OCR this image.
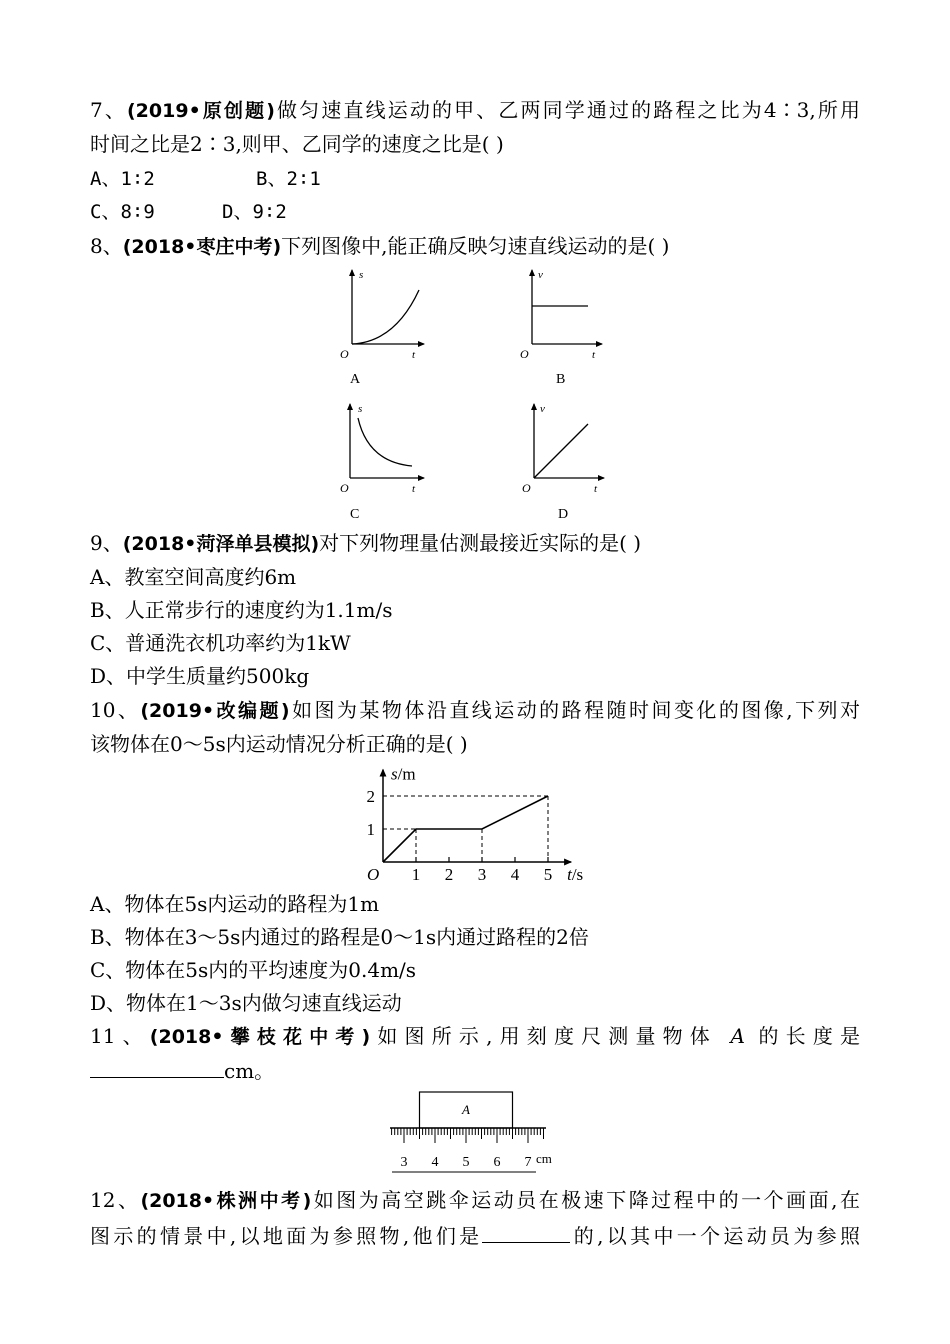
7、(2019•原创题)做匀速直线运动的甲、乙两同学通过的路程之比为4∶3,所用
时间之比是2∶3,则甲、乙同学的速度之比是( )
A、1∶2	B、2∶1
C、8∶9	D、9∶2
8、(2018•枣庄中考)下列图像中,能正确反映匀速直线运动的是( )
s
t
O
A
v
t
O
B
s
t
O
C
v
t
O
D
9、(2018•菏泽单县模拟)对下列物理量估测最接近实际的是( )
A、教室空间高度约6m
B、人正常步行的速度约为1.1m/s
C、普通洗衣机功率约为1kW
D、中学生质量约500kg
10、(2019•改编题)如图为某物体沿直线运动的路程随时间变化的图像,下列对
该物体在0～5s内运动情况分析正确的是( )
1 2 3 4 5
1
2
s/m
t/s
O
A、物体在5s内运动的路程为1m
B、物体在3～5s内通过的路程是0～1s内通过路程的2倍
C、物体在5s内的平均速度为0.4m/s
D、物体在1～3s内做匀速直线运动
11、(2018•攀枝花中考)如图所示,用刻度尺测量物体 A 的长度是
cm。
A
3 4 5 6 7 cm
12、(2018•株洲中考)如图为高空跳伞运动员在极速下降过程中的一个画面,在
图示的情景中,以地面为参照物,他们是	的,以其中一个运动员为参照
